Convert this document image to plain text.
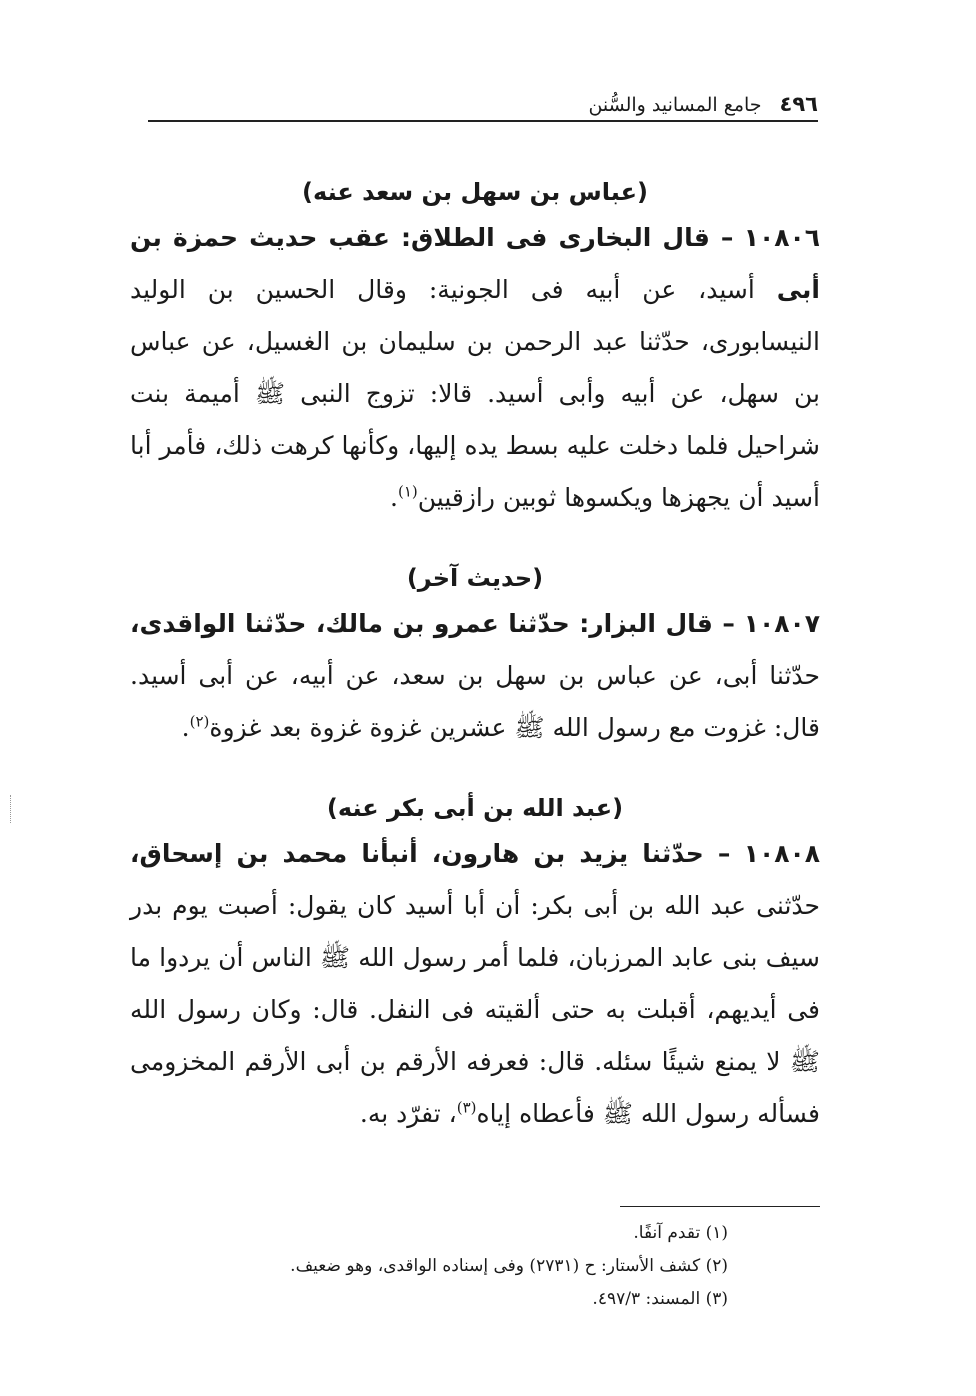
٤٩٦
جامع المسانيد والسُّنن

(عباس بن سهل بن سعد عنه)

١٠٨٠٦ – قال البخارى فى الطلاق: عقب حديث حمزة بن أبى أسيد، عن أبيه فى الجونية: وقال الحسين بن الوليد النيسابورى، حدّثنا عبد الرحمن بن سليمان بن الغسيل، عن عباس بن سهل، عن أبيه وأبى أسيد. قالا: تزوج النبى ﷺ أميمة بنت شراحيل فلما دخلت عليه بسط يده إليها، وكأنها كرهت ذلك، فأمر أبا أسيد أن يجهزها ويكسوها ثوبين رازقيين$^{(١)}$.

(حديث آخر)

١٠٨٠٧ – قال البزار: حدّثنا عمرو بن مالك، حدّثنا الواقدى، حدّثنا أبى، عن عباس بن سهل بن سعد، عن أبيه، عن أبى أسيد. قال: غزوت مع رسول الله ﷺ عشرين غزوة غزوة بعد غزوة$^{(٢)}$.

(عبد الله بن أبى بكر عنه)

١٠٨٠٨ – حدّثنا يزيد بن هارون، أنبأنا محمد بن إسحاق، حدّثنى عبد الله بن أبى بكر: أن أبا أسيد كان يقول: أصبت يوم بدر سيف بنى عابد المرزبان، فلما أمر رسول الله ﷺ الناس أن يردوا ما فى أيديهم، أقبلت به حتى ألقيته فى النفل. قال: وكان رسول الله ﷺ لا يمنع شيئًا سئله. قال: فعرفه الأرقم بن أبى الأرقم المخزومى فسأله رسول الله ﷺ فأعطاه إياه$^{(٣)}$، تفرّد به.

(١) تقدم آنفًا.

(٢) كشف الأستار: ح (٢٧٣١) وفى إسناده الواقدى، وهو ضعيف.

(٣) المسند: ٤٩٧/٣.
